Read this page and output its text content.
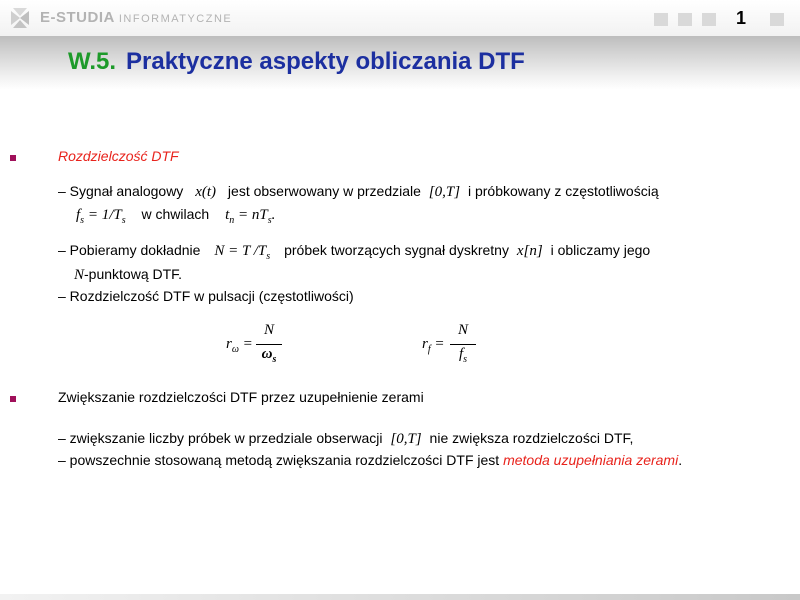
E-STUDIA INFORMATYCZNE	1
W.5. Praktyczne aspekty obliczania DTF
Rozdzielczość DTF
– Sygnał analogowy x(t) jest obserwowany w przedziale [0,T] i próbkowany z częstotliwością
$f_s = 1/T_s$ w chwilach $t_n = nT_s$.
– Pobieramy dokładnie N = T $/T_s$ próbek tworzących sygnał dyskretny x[n] i obliczamy jego
N-punktową DTF.
– Rozdzielczość DTF w pulsacji (częstotliwości)
$r_\omega$ =
N
$\omega_s$
$r_f$ =
N
$f_s$
Zwiększanie rozdzielczości DTF przez uzupełnienie zerami
– zwiększanie liczby próbek w przedziale obserwacji [0,T] nie zwiększa rozdzielczości DTF,
– powszechnie stosowaną metodą zwiększania rozdzielczości DTF jest metoda uzupełniania zerami.
